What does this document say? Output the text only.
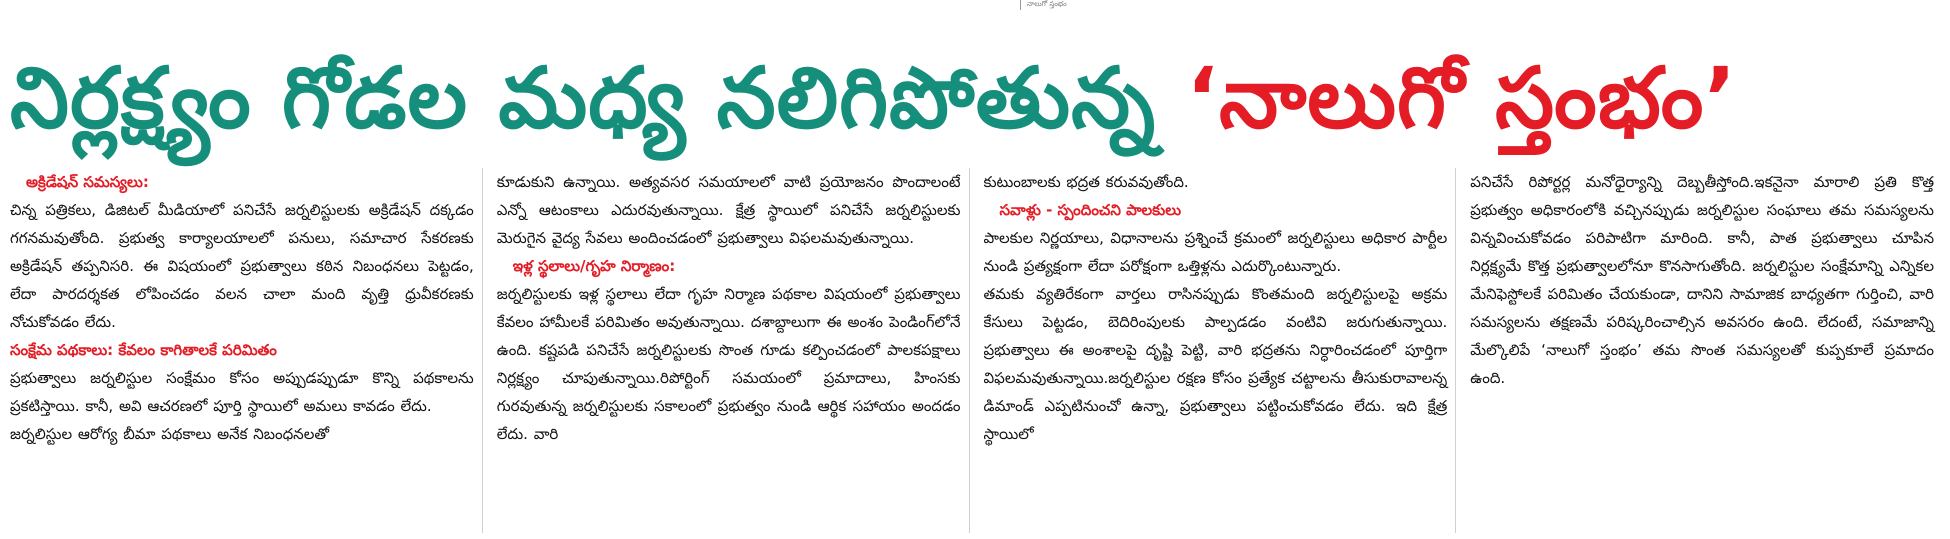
నాలుగో స్తంభం
నిర్లక్ష్యం గోడల మధ్య నలిగిపోతున్న ‘నాలుగో స్తంభం’
అక్రిడేషన్ సమస్యలు:

చిన్న పత్రికలు, డిజిటల్ మీడియాలో పనిచేసే జర్నలిస్టులకు అక్రిడేషన్ దక్కడం గగనమవుతోంది. ప్రభుత్వ కార్యాలయాలలో పనులు, సమాచార సేకరణకు అక్రిడేషన్ తప్పనిసరి. ఈ విషయంలో ప్రభుత్వాలు కఠిన నిబంధనలు పెట్టడం, లేదా పారదర్శకత లోపించడం వలన చాలా మంది వృత్తి ధ్రువీకరణకు నోచుకోవడం లేదు.

సంక్షేమ పథకాలు: కేవలం కాగితాలకే పరిమితం

ప్రభుత్వాలు జర్నలిస్టుల సంక్షేమం కోసం అప్పుడప్పుడూ కొన్ని పథకాలను ప్రకటిస్తాయి. కానీ, అవి ఆచరణలో పూర్తి స్థాయిలో అమలు కావడం లేదు.

జర్నలిస్టుల ఆరోగ్య బీమా పథకాలు అనేక నిబంధనలతో

కూడుకుని ఉన్నాయి. అత్యవసర సమయాలలో వాటి ప్రయోజనం పొందాలంటే ఎన్నో ఆటంకాలు ఎదురవుతున్నాయి. క్షేత్ర స్థాయిలో పనిచేసే జర్నలిస్టులకు మెరుగైన వైద్య సేవలు అందించడంలో ప్రభుత్వాలు విఫలమవుతున్నాయి.

ఇళ్ల స్థలాలు/గృహ నిర్మాణం:

జర్నలిస్టులకు ఇళ్ల స్థలాలు లేదా గృహ నిర్మాణ పథకాల విషయంలో ప్రభుత్వాలు కేవలం హామీలకే పరిమితం అవుతున్నాయి. దశాబ్దాలుగా ఈ అంశం పెండింగ్‌లోనే ఉంది. కష్టపడి పనిచేసే జర్నలిస్టులకు సొంత గూడు కల్పించడంలో పాలకపక్షాలు నిర్లక్ష్యం చూపుతున్నాయి.రిపోర్టింగ్ సమయంలో ప్రమాదాలు, హింసకు గురవుతున్న జర్నలిస్టులకు సకాలంలో ప్రభుత్వం నుండి ఆర్థిక సహాయం అందడం లేదు. వారి

కుటుంబాలకు భద్రత కరువవుతోంది.

సవాళ్లు - స్పందించని పాలకులు

పాలకుల నిర్ణయాలు, విధానాలను ప్రశ్నించే క్రమంలో జర్నలిస్టులు అధికార పార్టీల నుండి ప్రత్యక్షంగా లేదా పరోక్షంగా ఒత్తిళ్లను ఎదుర్కొంటున్నారు.

తమకు వ్యతిరేకంగా వార్తలు రాసినప్పుడు కొంతమంది జర్నలిస్టులపై అక్రమ కేసులు పెట్టడం, బెదిరింపులకు పాల్పడడం వంటివి జరుగుతున్నాయి. ప్రభుత్వాలు ఈ అంశాలపై దృష్టి పెట్టి, వారి భద్రతను నిర్ధారించడంలో పూర్తిగా విఫలమవుతున్నాయి.జర్నలిస్టుల రక్షణ కోసం ప్రత్యేక చట్టాలను తీసుకురావాలన్న డిమాండ్ ఎప్పటినుంచో ఉన్నా, ప్రభుత్వాలు పట్టించుకోవడం లేదు. ఇది క్షేత్ర స్థాయిలో

పనిచేసే రిపోర్టర్ల మనోధైర్యాన్ని దెబ్బతీస్తోంది.ఇకనైనా మారాలి ప్రతి కొత్త ప్రభుత్వం అధికారంలోకి వచ్చినప్పుడు జర్నలిస్టుల సంఘాలు తమ సమస్యలను విన్నవించుకోవడం పరిపాటిగా మారింది. కానీ, పాత ప్రభుత్వాలు చూపిన నిర్లక్ష్యమే కొత్త ప్రభుత్వాలలోనూ కొనసాగుతోంది. జర్నలిస్టుల సంక్షేమాన్ని ఎన్నికల మేనిఫెస్టోలకే పరిమితం చేయకుండా, దానిని సామాజిక బాధ్యతగా గుర్తించి, వారి సమస్యలను తక్షణమే పరిష్కరించాల్సిన అవసరం ఉంది. లేదంటే, సమాజాన్ని మేల్కొలిపే ‘నాలుగో స్తంభం’ తమ సొంత సమస్యలతో కుప్పకూలే ప్రమాదం ఉంది.
